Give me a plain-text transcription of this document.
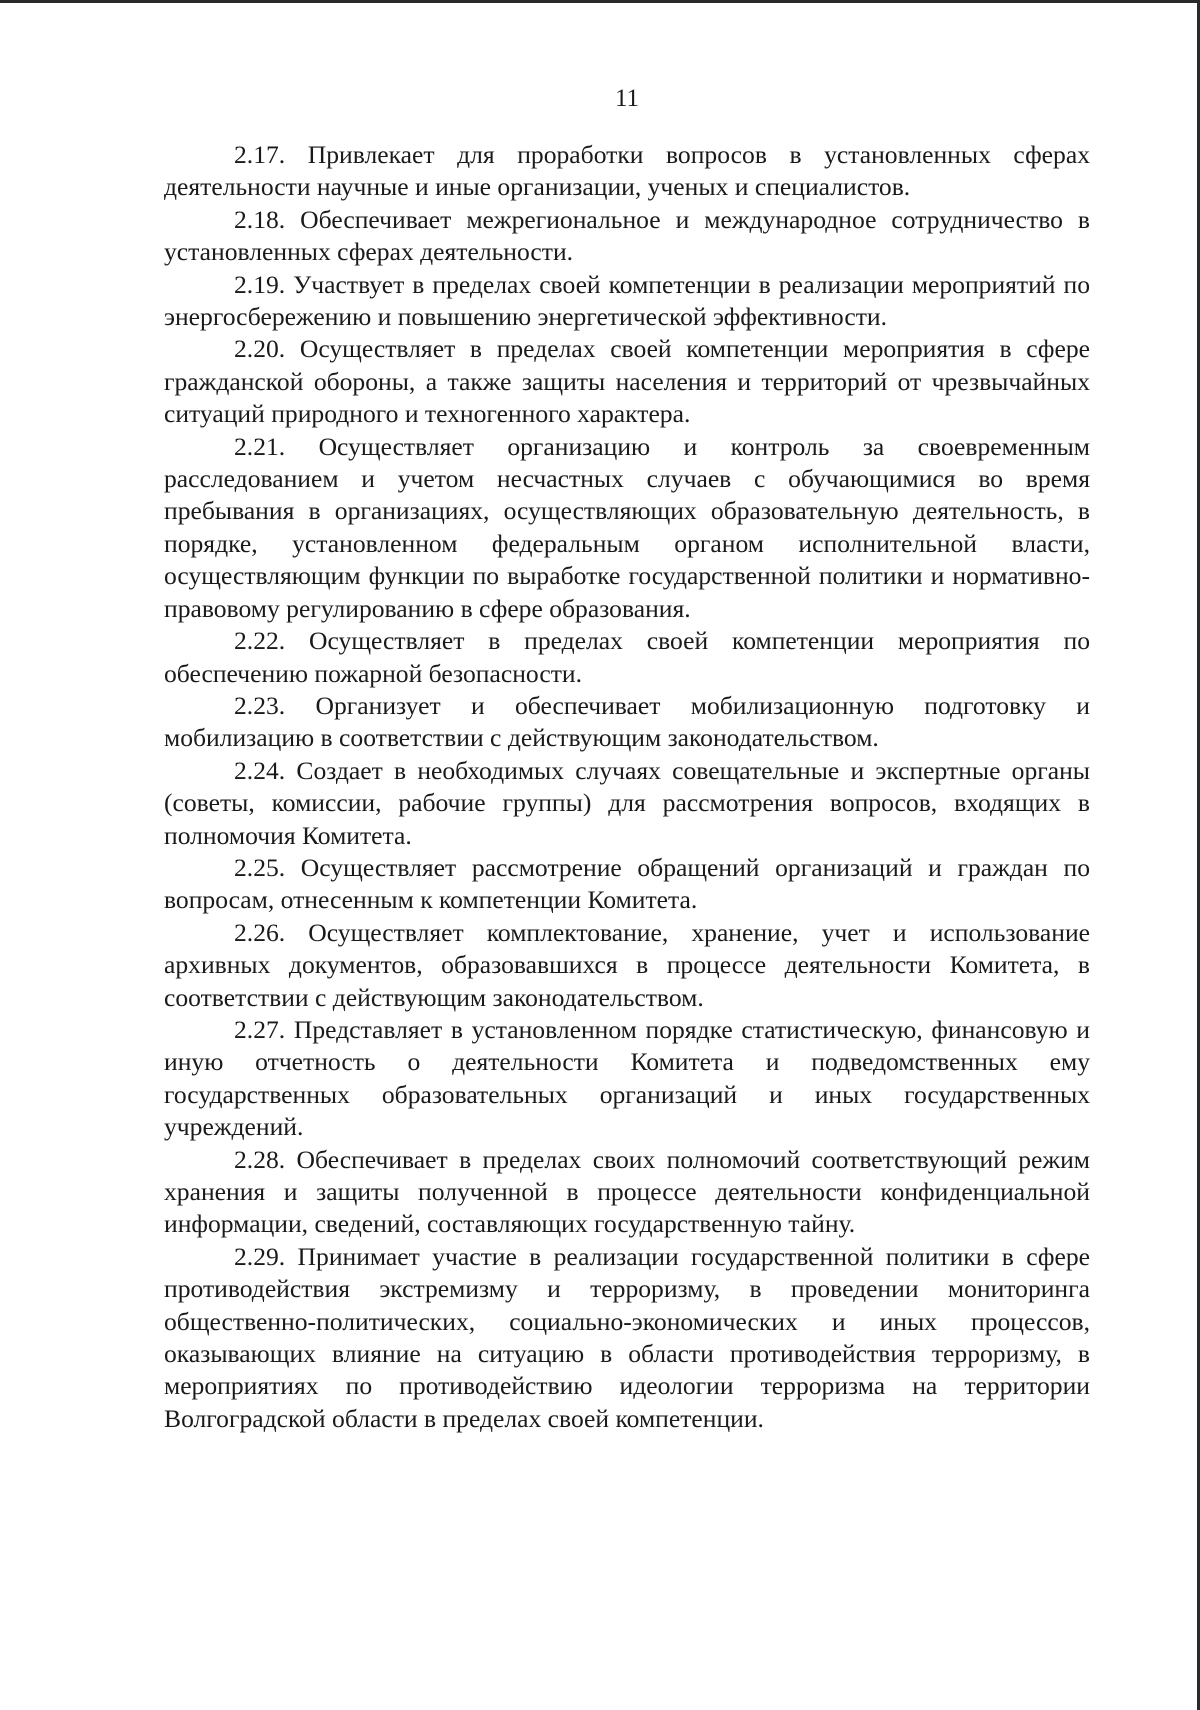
11

2.17. Привлекает для проработки вопросов в установленных сферах деятельности научные и иные организации, ученых и специалистов.

2.18. Обеспечивает межрегиональное и международное сотрудничество в установленных сферах деятельности.

2.19. Участвует в пределах своей компетенции в реализации мероприятий по энергосбережению и повышению энергетической эффективности.

2.20. Осуществляет в пределах своей компетенции мероприятия в сфере гражданской обороны, а также защиты населения и территорий от чрезвычайных ситуаций природного и техногенного характера.

2.21. Осуществляет организацию и контроль за своевременным расследованием и учетом несчастных случаев с обучающимися во время пребывания в организациях, осуществляющих образовательную деятельность, в порядке, установленном федеральным органом исполнительной власти, осуществляющим функции по выработке государственной политики и нормативно-правовому регулированию в сфере образования.

2.22. Осуществляет в пределах своей компетенции мероприятия по обеспечению пожарной безопасности.

2.23. Организует и обеспечивает мобилизационную подготовку и мобилизацию в соответствии с действующим законодательством.

2.24. Создает в необходимых случаях совещательные и экспертные органы (советы, комиссии, рабочие группы) для рассмотрения вопросов, входящих в полномочия Комитета.

2.25. Осуществляет рассмотрение обращений организаций и граждан по вопросам, отнесенным к компетенции Комитета.

2.26. Осуществляет комплектование, хранение, учет и использование архивных документов, образовавшихся в процессе деятельности Комитета, в соответствии с действующим законодательством.

2.27. Представляет в установленном порядке статистическую, финансовую и иную отчетность о деятельности Комитета и подведомственных ему государственных образовательных организаций и иных государственных учреждений.

2.28. Обеспечивает в пределах своих полномочий соответствующий режим хранения и защиты полученной в процессе деятельности конфиденциальной информации, сведений, составляющих государственную тайну.

2.29. Принимает участие в реализации государственной политики в сфере противодействия экстремизму и терроризму, в проведении мониторинга общественно-политических, социально-экономических и иных процессов, оказывающих влияние на ситуацию в области противодействия терроризму, в мероприятиях по противодействию идеологии терроризма на территории Волгоградской области в пределах своей компетенции.
